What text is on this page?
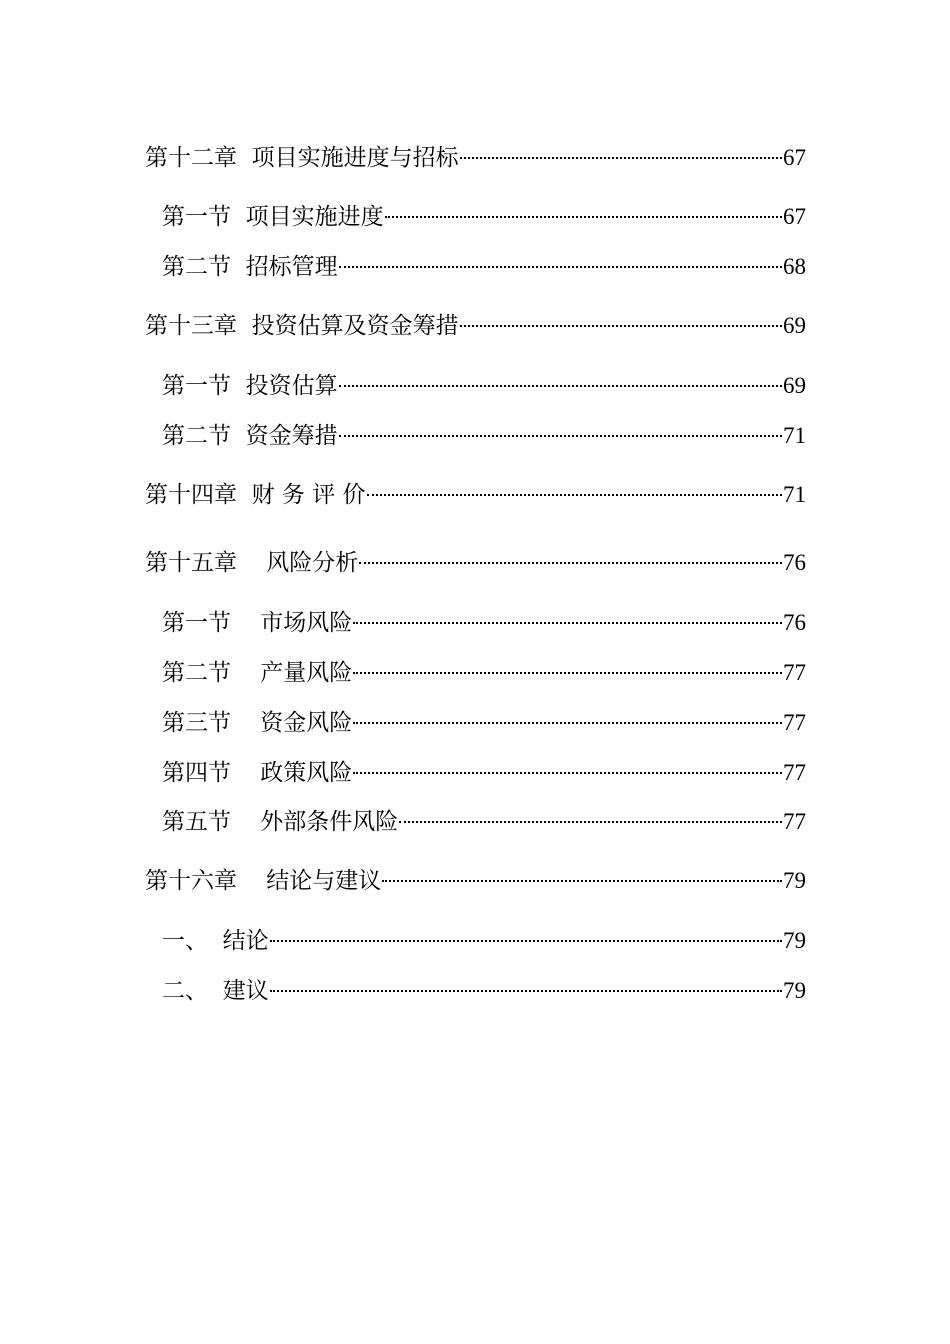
第十二章  项目实施进度与招标	67
第一节  项目实施进度	67
第二节  招标管理	68
第十三章  投资估算及资金筹措	69
第一节  投资估算	69
第二节  资金筹措	71
第十四章  财 务 评 价	71
第十五章    风险分析	76
第一节    市场风险	76
第二节    产量风险	77
第三节    资金风险	77
第四节    政策风险	77
第五节    外部条件风险	77
第十六章    结论与建议	79
一、  结论	79
二、  建议	79
